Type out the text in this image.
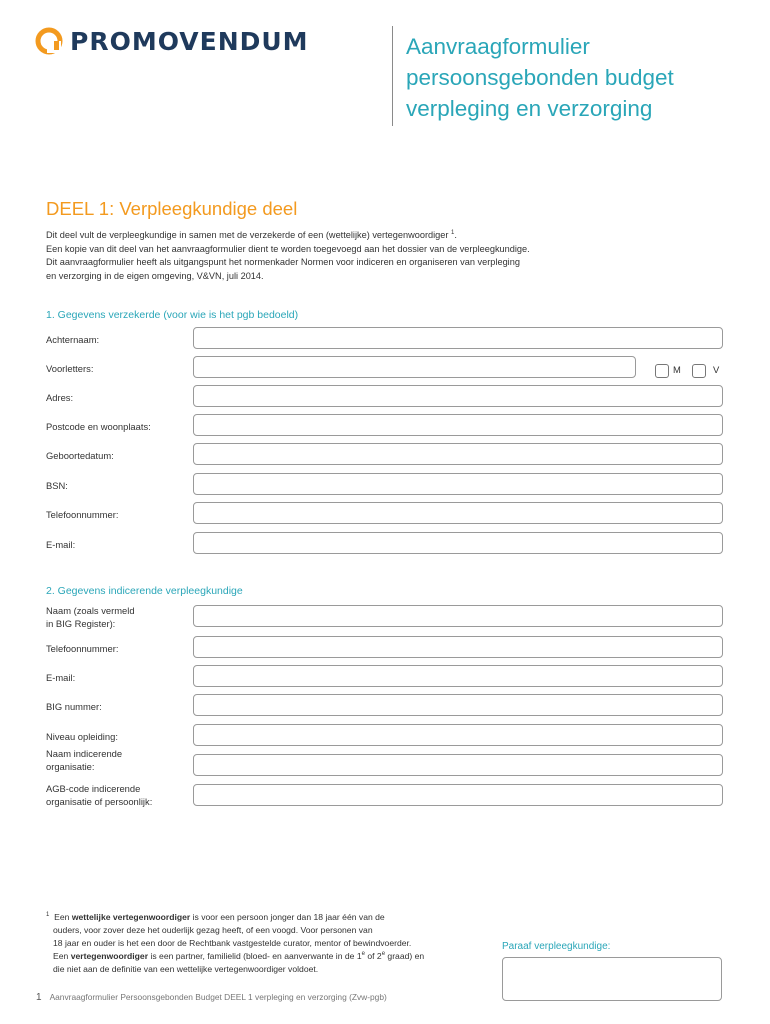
PROMOVENDUM	Aanvraagformulier
persoonsgebonden budget
verpleging en verzorging
DEEL 1: Verpleegkundige deel
Dit deel vult de verpleegkundige in samen met de verzekerde of een (wettelijke) vertegenwoordiger $^1$.
Een kopie van dit deel van het aanvraagformulier dient te worden toegevoegd aan het dossier van de verpleegkundige.
Dit aanvraagformulier heeft als uitgangspunt het normenkader Normen voor indiceren en organiseren van verpleging
en verzorging in de eigen omgeving, V&VN, juli 2014.
1. Gegevens verzekerde (voor wie is het pgb bedoeld)
Achternaam:
Voorletters:	M	V
Adres:
Postcode en woonplaats:
Geboortedatum:
BSN:
Telefoonnummer:
E-mail:
2. Gegevens indicerende verpleegkundige
Naam (zoals vermeld
in BIG Register):
Telefoonnummer:
E-mail:
BIG nummer:
Niveau opleiding:
Naam indicerende
organisatie:
AGB-code indicerende
organisatie of persoonlijk:
$^1$ Een wettelijke vertegenwoordiger is voor een persoon jonger dan 18 jaar één van de
ouders, voor zover deze het ouderlijk gezag heeft, of een voogd. Voor personen van
18 jaar en ouder is het een door de Rechtbank vastgestelde curator, mentor of bewindvoerder.
Een vertegenwoordiger is een partner, familielid (bloed- en aanverwante in de 1e of 2e graad) en
die niet aan de definitie van een wettelijke vertegenwoordiger voldoet.
Paraaf verpleegkundige:
1 Aanvraagformulier Persoonsgebonden Budget DEEL 1 verpleging en verzorging (Zvw-pgb)
